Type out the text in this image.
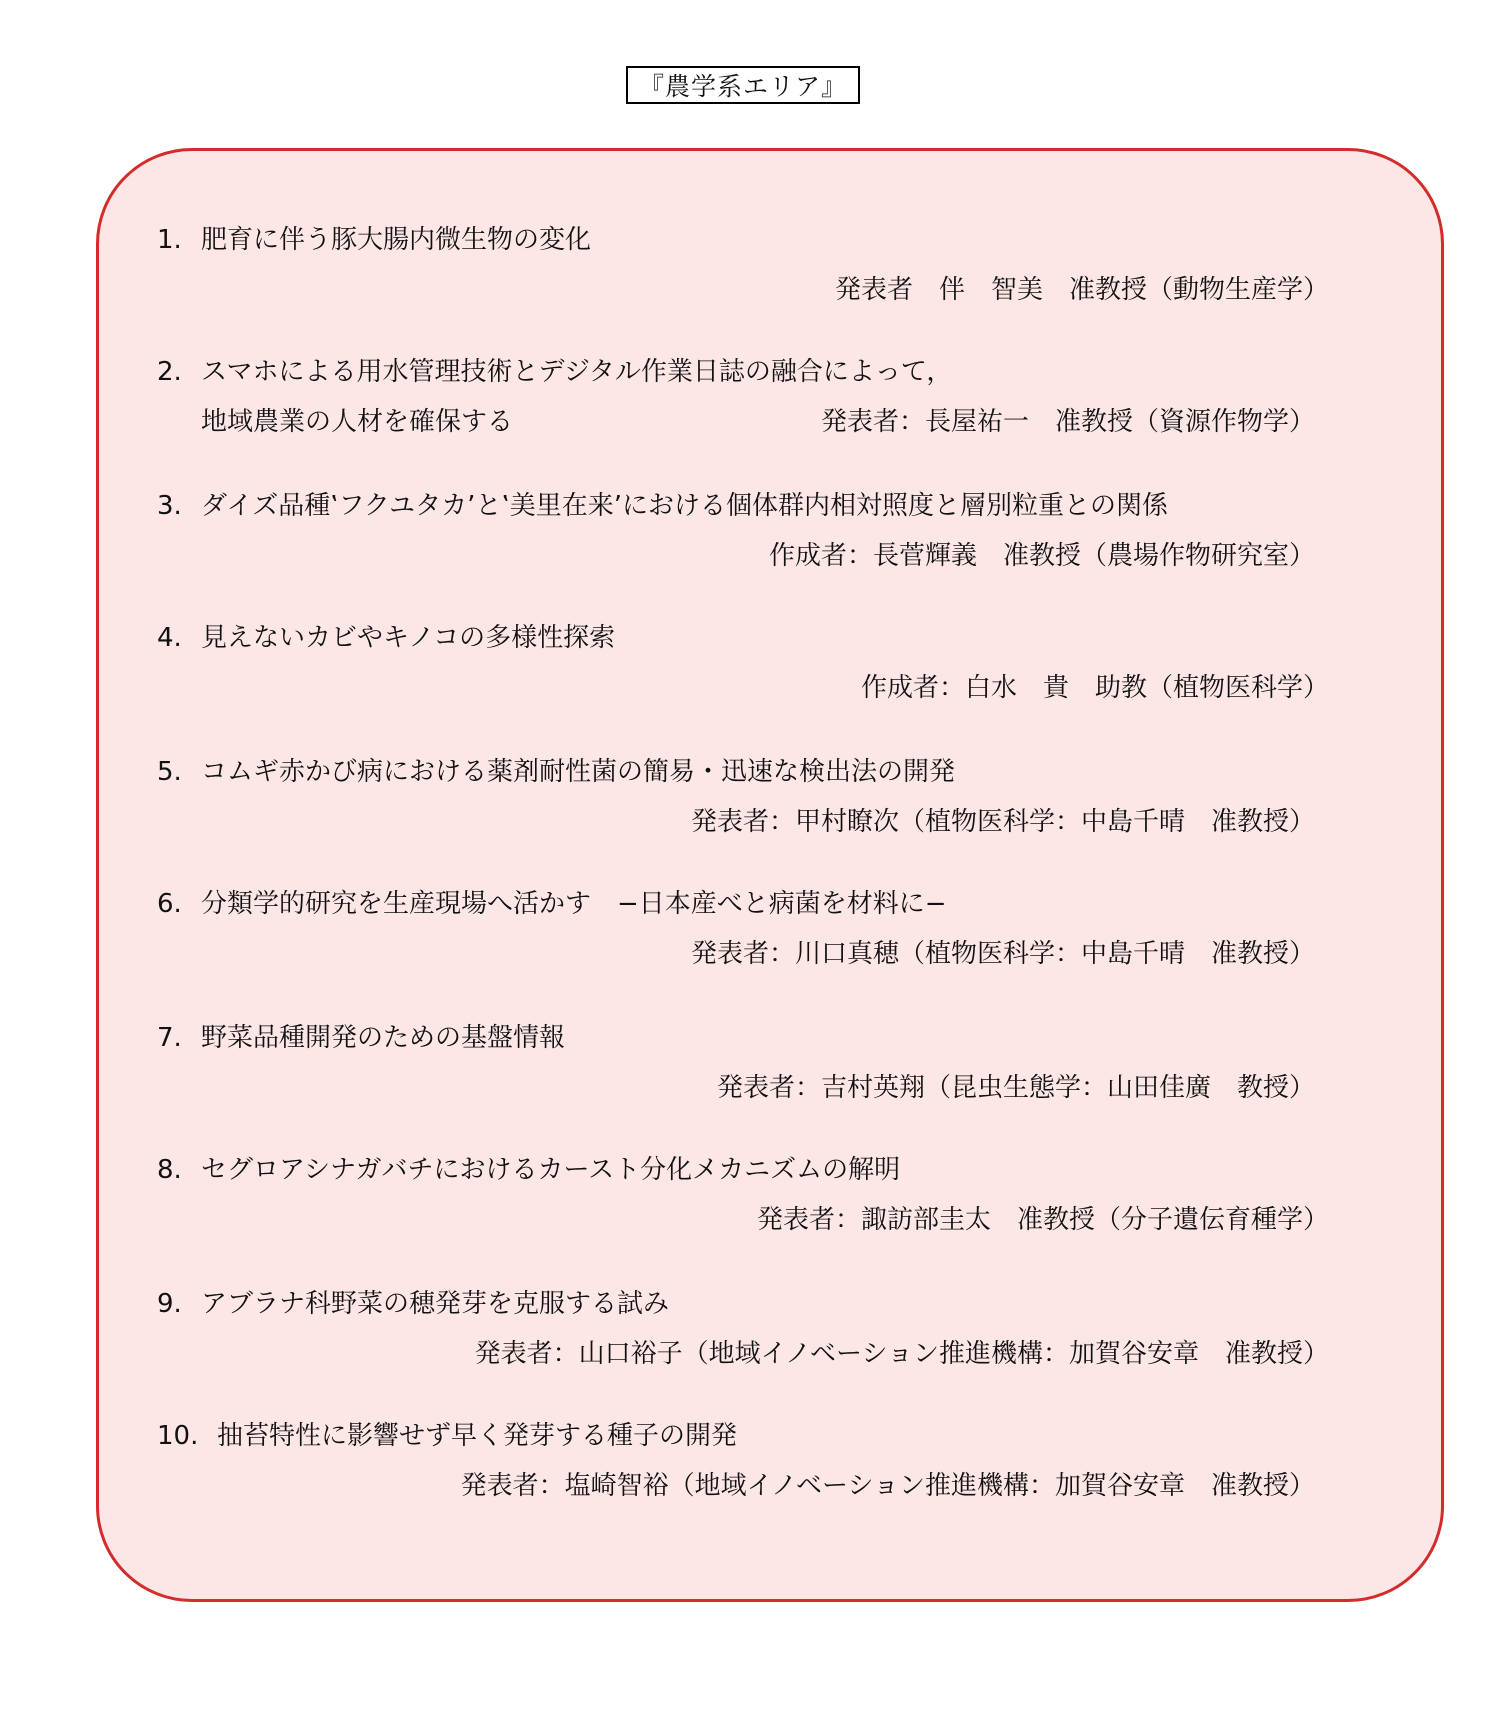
『農学系エリア』
1. 肥育に伴う豚大腸内微生物の変化
発表者　伴　智美　准教授（動物生産学）
2. スマホによる用水管理技術とデジタル作業日誌の融合によって，
地域農業の人材を確保する	発表者：長屋祐一　准教授（資源作物学）
3. ダイズ品種‛フクユタカ’と‛美里在来’における個体群内相対照度と層別粒重との関係
作成者：長菅輝義　准教授（農場作物研究室）
4. 見えないカビやキノコの多様性探索
作成者：白水　貴　助教（植物医科学）
5. コムギ赤かび病における薬剤耐性菌の簡易・迅速な検出法の開発
発表者：甲村瞭次（植物医科学：中島千晴　准教授）
6. 分類学的研究を生産現場へ活かす　−日本産べと病菌を材料に−
発表者：川口真穂（植物医科学：中島千晴　准教授）
7. 野菜品種開発のための基盤情報
発表者：吉村英翔（昆虫生態学：山田佳廣　教授）
8. セグロアシナガバチにおけるカースト分化メカニズムの解明
発表者：諏訪部圭太　准教授（分子遺伝育種学）
9. アブラナ科野菜の穂発芽を克服する試み
発表者：山口裕子（地域イノベーション推進機構：加賀谷安章　准教授）
10. 抽苔特性に影響せず早く発芽する種子の開発
発表者：塩崎智裕（地域イノベーション推進機構：加賀谷安章　准教授）
